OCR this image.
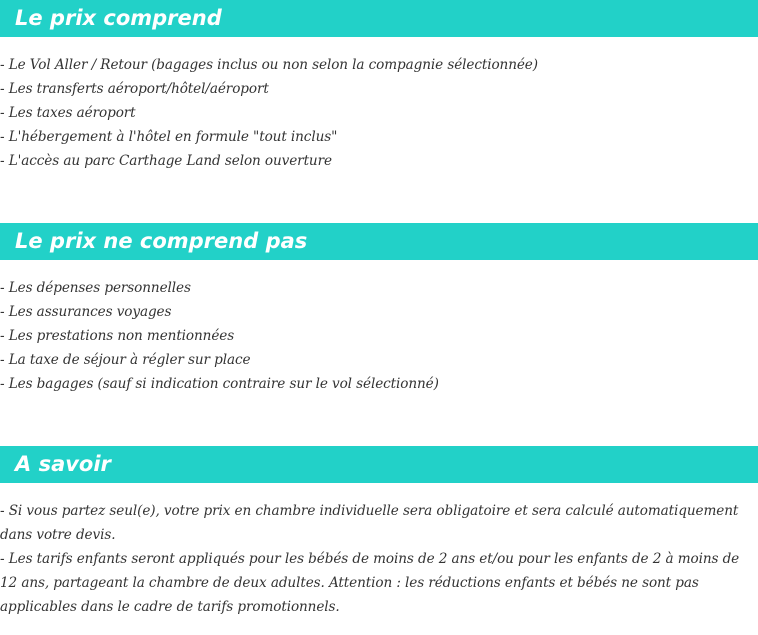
Le prix comprend
- Le Vol Aller / Retour (bagages inclus ou non selon la compagnie sélectionnée)
- Les transferts aéroport/hôtel/aéroport
- Les taxes aéroport
- L'hébergement à l'hôtel en formule "tout inclus"
- L'accès au parc Carthage Land selon ouverture
Le prix ne comprend pas
- Les dépenses personnelles
- Les assurances voyages
- Les prestations non mentionnées
- La taxe de séjour à régler sur place
- Les bagages (sauf si indication contraire sur le vol sélectionné)
A savoir

- Si vous partez seul(e), votre prix en chambre individuelle sera obligatoire et sera calculé automatiquement dans votre devis.

- Les tarifs enfants seront appliqués pour les bébés de moins de 2 ans et/ou pour les enfants de 2 à moins de 12 ans, partageant la chambre de deux adultes. Attention : les réductions enfants et bébés ne sont pas applicables dans le cadre de tarifs promotionnels.
